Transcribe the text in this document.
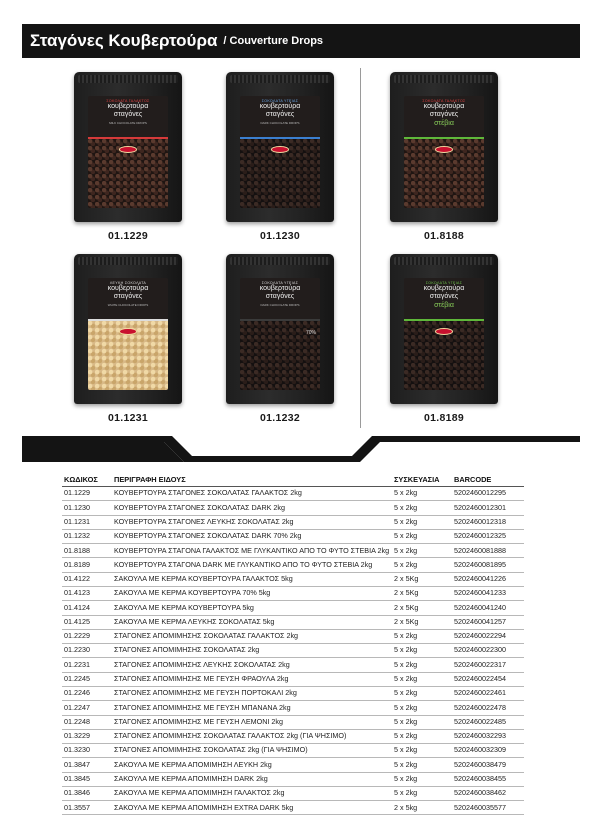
Σταγόνες Κουβερτούρα / Couverture Drops
ΣΟΚΟΛΑΤΑ ΓΑΛΑΚΤΟΣ
κουβερτούρα
σταγόνες
MILK CHOCOLATE DROPS
01.1229
ΣΟΚΟΛΑΤΑ ΥΓΕΙΑΣ
κουβερτούρα
σταγόνες
DARK CHOCOLATE DROPS
01.1230
ΣΟΚΟΛΑΤΑ ΓΑΛΑΚΤΟΣ
κουβερτούρα
σταγόνες
στέβια
01.8188
ΛΕΥΚΗ ΣΟΚΟΛΑΤΑ
κουβερτούρα
σταγόνες
WHITE CHOCOLATE DROPS
01.1231
ΣΟΚΟΛΑΤΑ ΥΓΕΙΑΣ
κουβερτούρα
σταγόνες
DARK CHOCOLATE DROPS
70%
01.1232
ΣΟΚΟΛΑΤΑ ΥΓΕΙΑΣ
κουβερτούρα
σταγόνες
στέβια
01.8189
ΚΩΔΙΚΟΣ	ΠΕΡΙΓΡΑΦΗ ΕΙΔΟΥΣ	ΣΥΣΚΕΥΑΣΙΑ	BARCODE
01.1229	ΚΟΥΒΕΡΤΟΥΡΑ ΣΤΑΓΟΝΕΣ ΣΟΚΟΛΑΤΑΣ ΓΑΛΑΚΤΟΣ 2kg	5 x 2kg	5202460012295
01.1230	ΚΟΥΒΕΡΤΟΥΡΑ ΣΤΑΓΟΝΕΣ ΣΟΚΟΛΑΤΑΣ DARK 2kg	5 x 2kg	5202460012301
01.1231	ΚΟΥΒΕΡΤΟΥΡΑ ΣΤΑΓΟΝΕΣ ΛΕΥΚΗΣ ΣΟΚΟΛΑΤΑΣ 2kg	5 x 2kg	5202460012318
01.1232	ΚΟΥΒΕΡΤΟΥΡΑ ΣΤΑΓΟΝΕΣ ΣΟΚΟΛΑΤΑΣ DARK 70% 2kg	5 x 2kg	5202460012325
01.8188	ΚΟΥΒΕΡΤΟΥΡΑ ΣΤΑΓΟΝΑ ΓΑΛΑΚΤΟΣ ΜΕ ΓΛΥΚΑΝΤΙΚΟ ΑΠΟ ΤΟ ΦΥΤΟ ΣΤΕΒΙΑ 2kg	5 x 2kg	5202460081888
01.8189	ΚΟΥΒΕΡΤΟΥΡΑ ΣΤΑΓΟΝΑ DARK ΜΕ ΓΛΥΚΑΝΤΙΚΟ ΑΠΟ ΤΟ ΦΥΤΟ ΣΤΕΒΙΑ 2kg	5 x 2kg	5202460081895
01.4122	ΣΑΚΟΥΛΑ ΜΕ ΚΕΡΜΑ ΚΟΥΒΕΡΤΟΥΡΑ ΓΑΛΑΚΤΟΣ 5kg	2 x 5Kg	5202460041226
01.4123	ΣΑΚΟΥΛΑ ΜΕ ΚΕΡΜΑ ΚΟΥΒΕΡΤΟΥΡΑ 70% 5kg	2 x 5Kg	5202460041233
01.4124	ΣΑΚΟΥΛΑ ΜΕ ΚΕΡΜΑ ΚΟΥΒΕΡΤΟΥΡΑ 5kg	2 x 5Kg	5202460041240
01.4125	ΣΑΚΟΥΛΑ ΜΕ ΚΕΡΜΑ ΛΕΥΚΗΣ ΣΟΚΟΛΑΤΑΣ 5kg	2 x 5Kg	5202460041257
01.2229	ΣΤΑΓΟΝΕΣ ΑΠΟΜΙΜΗΣΗΣ ΣΟΚΟΛΑΤΑΣ ΓΑΛΑΚΤΟΣ 2kg	5 x 2kg	5202460022294
01.2230	ΣΤΑΓΟΝΕΣ ΑΠΟΜΙΜΗΣΗΣ ΣΟΚΟΛΑΤΑΣ 2kg	5 x 2kg	5202460022300
01.2231	ΣΤΑΓΟΝΕΣ ΑΠΟΜΙΜΗΣΗΣ ΛΕΥΚΗΣ ΣΟΚΟΛΑΤΑΣ 2kg	5 x 2kg	5202460022317
01.2245	ΣΤΑΓΟΝΕΣ ΑΠΟΜΙΜΗΣΗΣ ΜΕ ΓΕΥΣΗ ΦΡΑΟΥΛΑ 2kg	5 x 2kg	5202460022454
01.2246	ΣΤΑΓΟΝΕΣ ΑΠΟΜΙΜΗΣΗΣ ΜΕ ΓΕΥΣΗ ΠΟΡΤΟΚΑΛΙ 2kg	5 x 2kg	5202460022461
01.2247	ΣΤΑΓΟΝΕΣ ΑΠΟΜΙΜΗΣΗΣ ΜΕ ΓΕΥΣΗ ΜΠΑΝΑΝΑ 2kg	5 x 2kg	5202460022478
01.2248	ΣΤΑΓΟΝΕΣ ΑΠΟΜΙΜΗΣΗΣ ΜΕ ΓΕΥΣΗ ΛΕΜΟΝΙ 2kg	5 x 2kg	5202460022485
01.3229	ΣΤΑΓΟΝΕΣ ΑΠΟΜΙΜΗΣΗΣ ΣΟΚΟΛΑΤΑΣ ΓΑΛΑΚΤΟΣ 2kg (ΓΙΑ ΨΗΣΙΜΟ)	5 x 2kg	5202460032293
01.3230	ΣΤΑΓΟΝΕΣ ΑΠΟΜΙΜΗΣΗΣ ΣΟΚΟΛΑΤΑΣ 2kg (ΓΙΑ ΨΗΣΙΜΟ)	5 x 2kg	5202460032309
01.3847	ΣΑΚΟΥΛΑ ΜΕ ΚΕΡΜΑ ΑΠΟΜΙΜΗΣΗ ΛΕΥΚΗ 2kg	5 x 2kg	5202460038479
01.3845	ΣΑΚΟΥΛΑ ΜΕ ΚΕΡΜΑ ΑΠΟΜΙΜΗΣΗ DARK 2kg	5 x 2kg	5202460038455
01.3846	ΣΑΚΟΥΛΑ ΜΕ ΚΕΡΜΑ ΑΠΟΜΙΜΗΣΗ ΓΑΛΑΚΤΟΣ 2kg	5 x 2kg	5202460038462
01.3557	ΣΑΚΟΥΛΑ ΜΕ ΚΕΡΜΑ ΑΠΟΜΙΜΗΣΗ EXTRA DARK 5kg	2 x 5kg	5202460035577
